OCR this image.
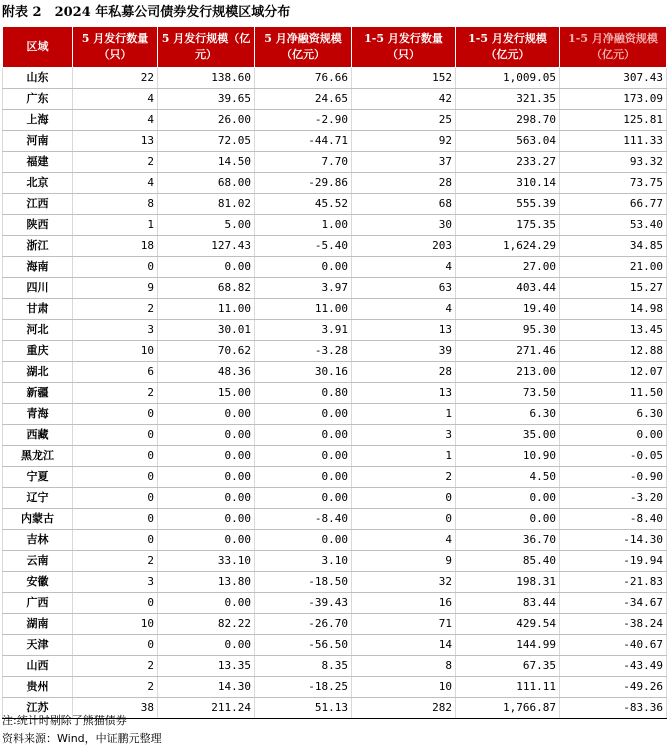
附表 2　2024 年私募公司债券发行规模区域分布
区域	5 月发行数量（只）	5 月发行规模（亿元）	5 月净融资规模（亿元）	1-5 月发行数量（只）	1-5 月发行规模（亿元）	1-5 月净融资规模（亿元）
山东	22	138.60	76.66	152	1,009.05	307.43
广东	4	39.65	24.65	42	321.35	173.09
上海	4	26.00	-2.90	25	298.70	125.81
河南	13	72.05	-44.71	92	563.04	111.33
福建	2	14.50	7.70	37	233.27	93.32
北京	4	68.00	-29.86	28	310.14	73.75
江西	8	81.02	45.52	68	555.39	66.77
陕西	1	5.00	1.00	30	175.35	53.40
浙江	18	127.43	-5.40	203	1,624.29	34.85
海南	0	0.00	0.00	4	27.00	21.00
四川	9	68.82	3.97	63	403.44	15.27
甘肃	2	11.00	11.00	4	19.40	14.98
河北	3	30.01	3.91	13	95.30	13.45
重庆	10	70.62	-3.28	39	271.46	12.88
湖北	6	48.36	30.16	28	213.00	12.07
新疆	2	15.00	0.80	13	73.50	11.50
青海	0	0.00	0.00	1	6.30	6.30
西藏	0	0.00	0.00	3	35.00	0.00
黑龙江	0	0.00	0.00	1	10.90	-0.05
宁夏	0	0.00	0.00	2	4.50	-0.90
辽宁	0	0.00	0.00	0	0.00	-3.20
内蒙古	0	0.00	-8.40	0	0.00	-8.40
吉林	0	0.00	0.00	4	36.70	-14.30
云南	2	33.10	3.10	9	85.40	-19.94
安徽	3	13.80	-18.50	32	198.31	-21.83
广西	0	0.00	-39.43	16	83.44	-34.67
湖南	10	82.22	-26.70	71	429.54	-38.24
天津	0	0.00	-56.50	14	144.99	-40.67
山西	2	13.35	8.35	8	67.35	-43.49
贵州	2	14.30	-18.25	10	111.11	-49.26
江苏	38	211.24	51.13	282	1,766.87	-83.36
注:统计时剔除了熊猫债券
资料来源：Wind，中证鹏元整理
